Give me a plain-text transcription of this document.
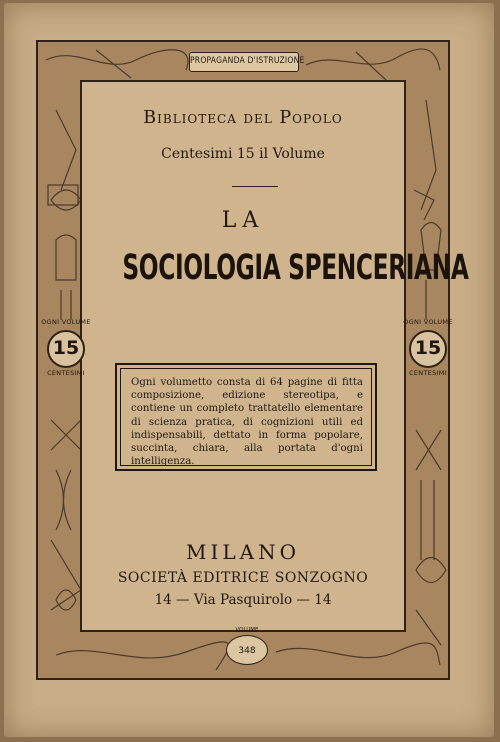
PROPAGANDA D'ISTRUZIONE
Biblioteca del Popolo
Centesimi 15 il Volume
LA
SOCIOLOGIA SPENCERIANA
Ogni volumetto consta di 64 pagine di fitta composizione, edizione stereotipa, e contiene un completo trattatello elementare di scienza pratica, di cognizioni utili ed indispensabili, dettato in forma popolare, succinta, chiara, alla portata d'ogni intelligenza.
OGNI VOLUME
15
CENTESIMI
OGNI VOLUME
15
CENTESIMI
MILANO
SOCIETÀ EDITRICE SONZOGNO
14 — Via Pasquirolo — 14
VOLUME
348
